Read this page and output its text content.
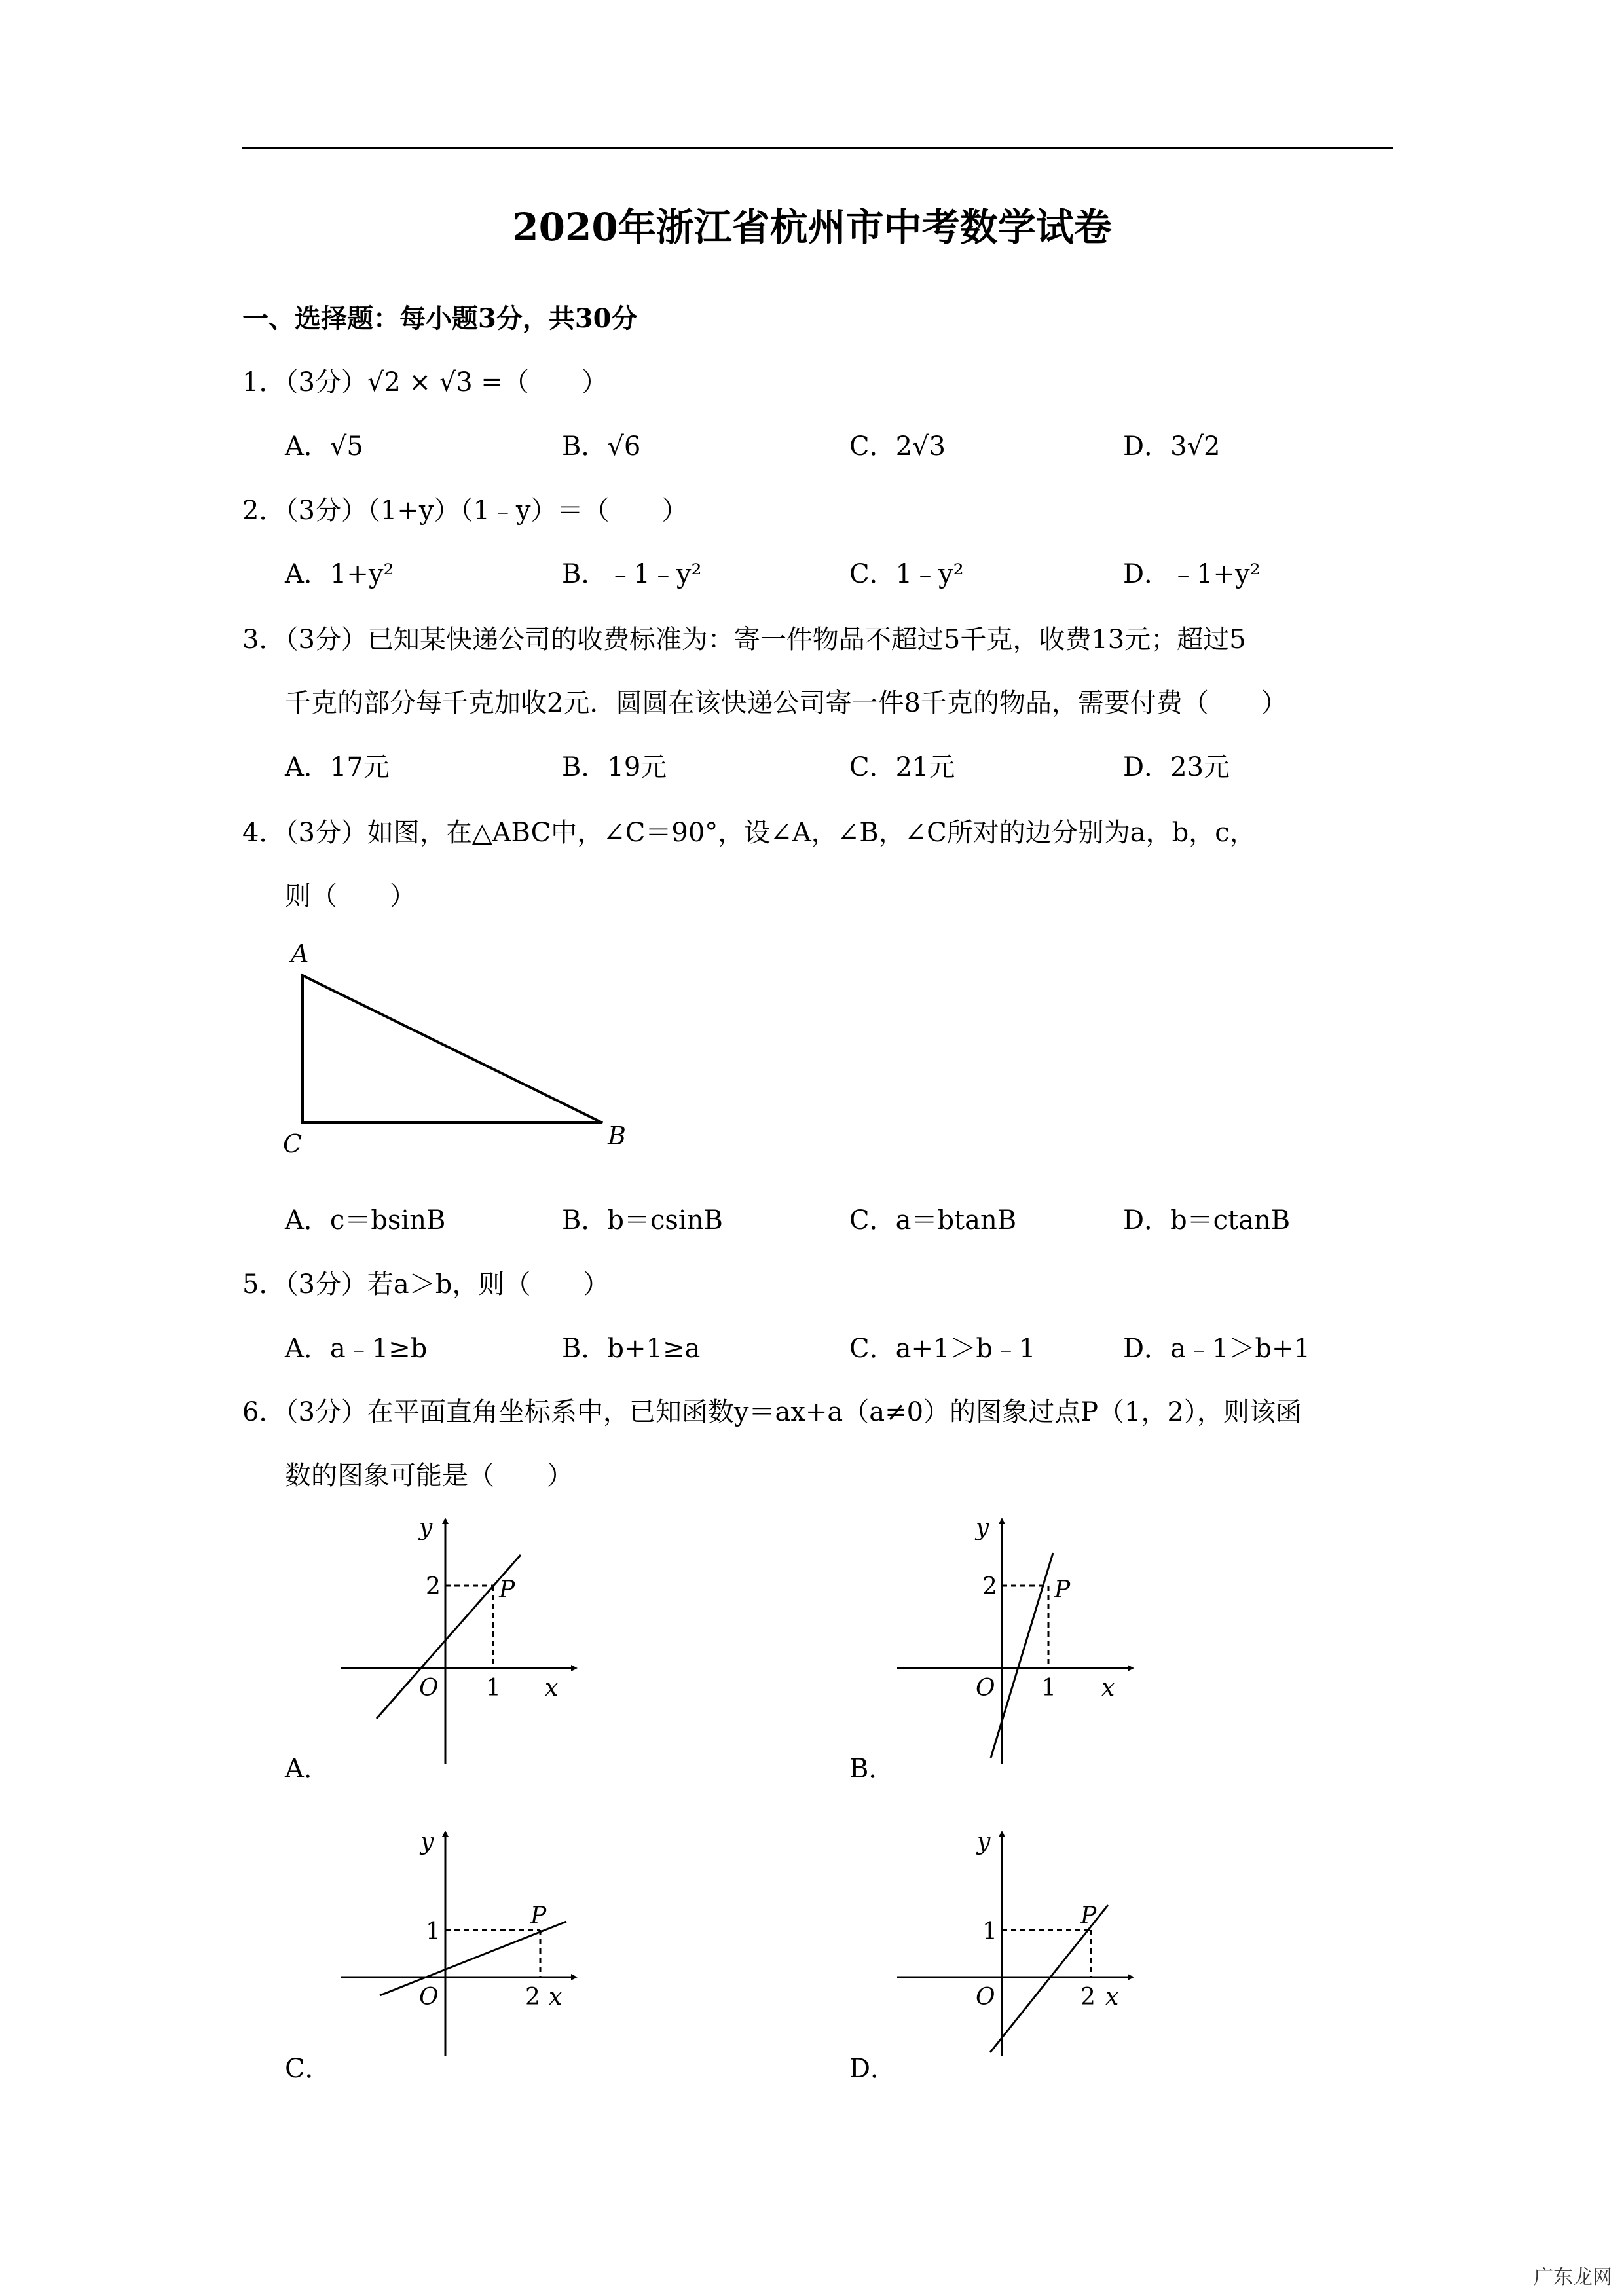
2020年浙江省杭州市中考数学试卷
一、选择题：每小题3分，共30分
1．（3分）√2 × √3 =（　　）
A．√5	B．√6	C．2√3	D．3√2
2．（3分）（1+y）（1﹣y）＝（　　）
A．1+y²	B．﹣1﹣y²	C．1﹣y²	D．﹣1+y²
3．（3分）已知某快递公司的收费标准为：寄一件物品不超过5千克，收费13元；超过5
千克的部分每千克加收2元．圆圆在该快递公司寄一件8千克的物品，需要付费（　　）
A．17元	B．19元	C．21元	D．23元
4．（3分）如图，在△ABC中，∠C＝90°，设∠A，∠B，∠C所对的边分别为a，b，c，
则（　　）
A
C	B
A．c＝bsinB	B．b＝csinB	C．a＝btanB	D．b＝ctanB
5．（3分）若a＞b，则（　　）
A．a﹣1≥b	B．b+1≥a	C．a+1＞b﹣1	D．a﹣1＞b+1
6．（3分）在平面直角坐标系中，已知函数y＝ax+a（a≠0）的图象过点P（1，2），则该函
数的图象可能是（　　）
y
2 P
O 1 x
A．
y
2 P
O 1 x
B．
y
1
P
O	2 x
C．
y
1
P
O	2 x
D．
广东龙网
